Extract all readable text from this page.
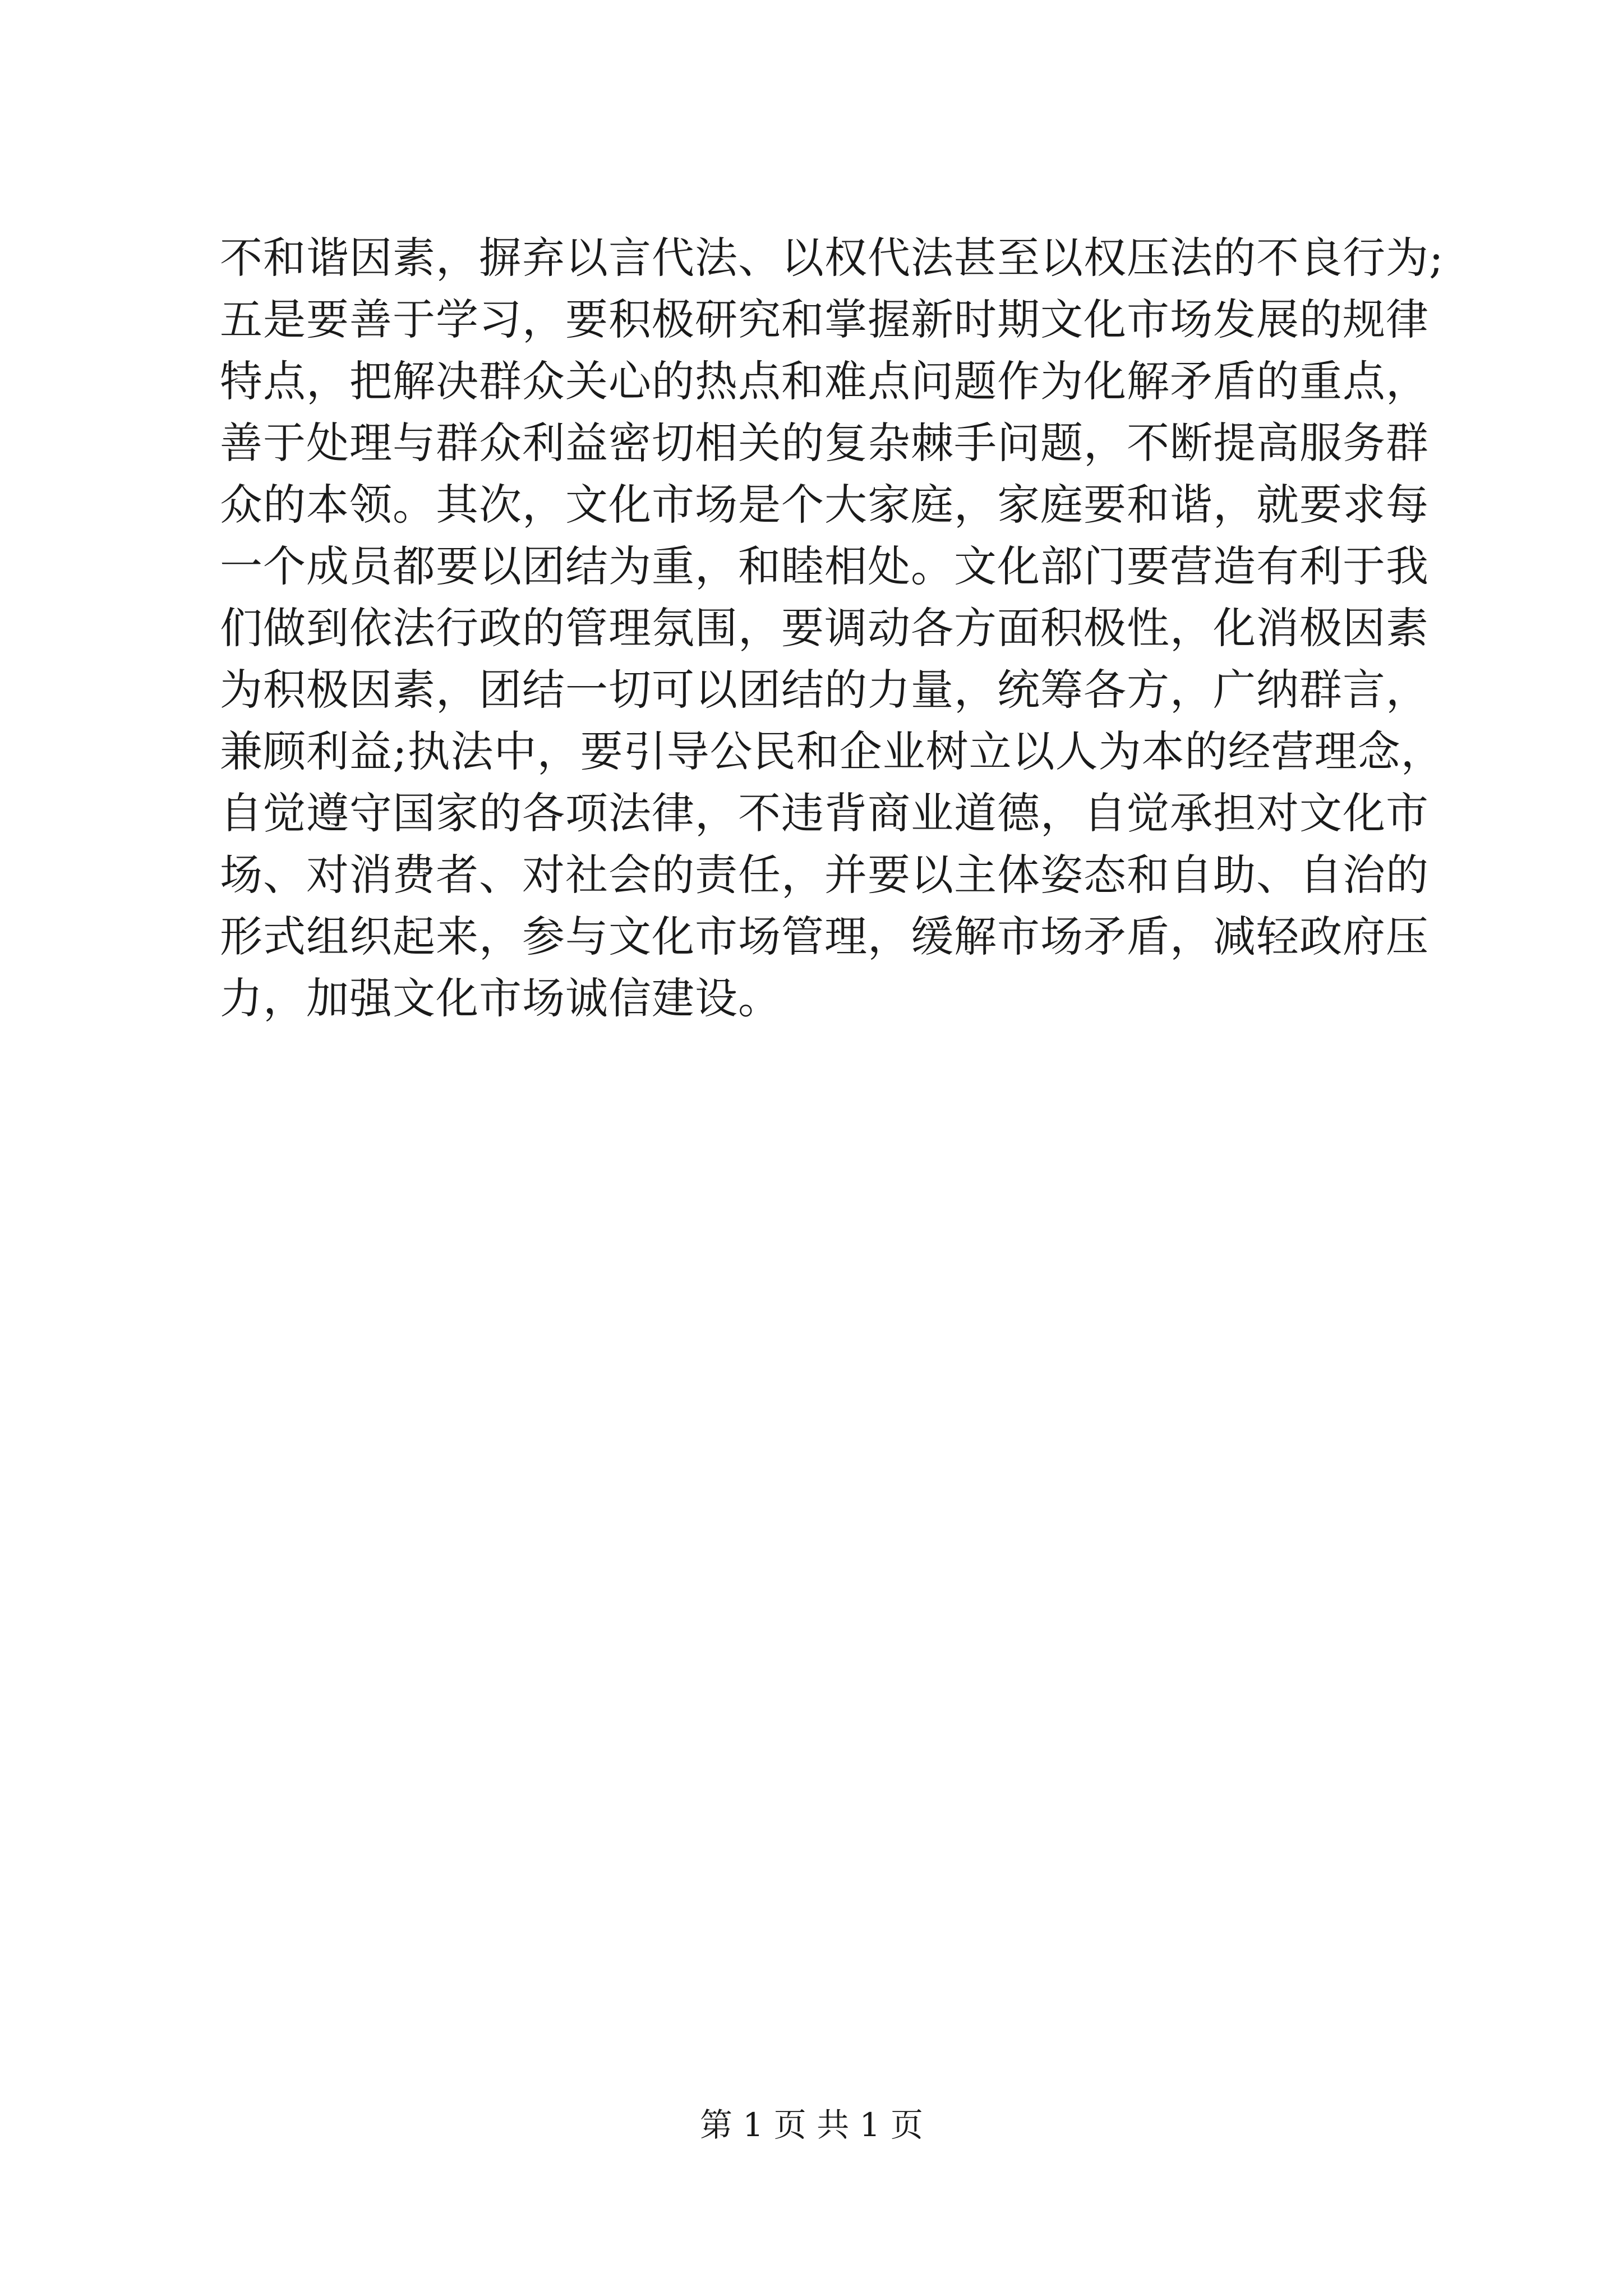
不和谐因素，摒弃以言代法、以权代法甚至以权压法的不良行为;
五是要善于学习，要积极研究和掌握新时期文化市场发展的规律
特点，把解决群众关心的热点和难点问题作为化解矛盾的重点，
善于处理与群众利益密切相关的复杂棘手问题，不断提高服务群
众的本领。其次，文化市场是个大家庭，家庭要和谐，就要求每
一个成员都要以团结为重，和睦相处。文化部门要营造有利于我
们做到依法行政的管理氛围，要调动各方面积极性，化消极因素
为积极因素，团结一切可以团结的力量，统筹各方，广纳群言，
兼顾利益;执法中，要引导公民和企业树立以人为本的经营理念，
自觉遵守国家的各项法律，不违背商业道德，自觉承担对文化市
场、对消费者、对社会的责任，并要以主体姿态和自助、自治的
形式组织起来，参与文化市场管理，缓解市场矛盾，减轻政府压
力，加强文化市场诚信建设。
第 1 页 共 1 页
